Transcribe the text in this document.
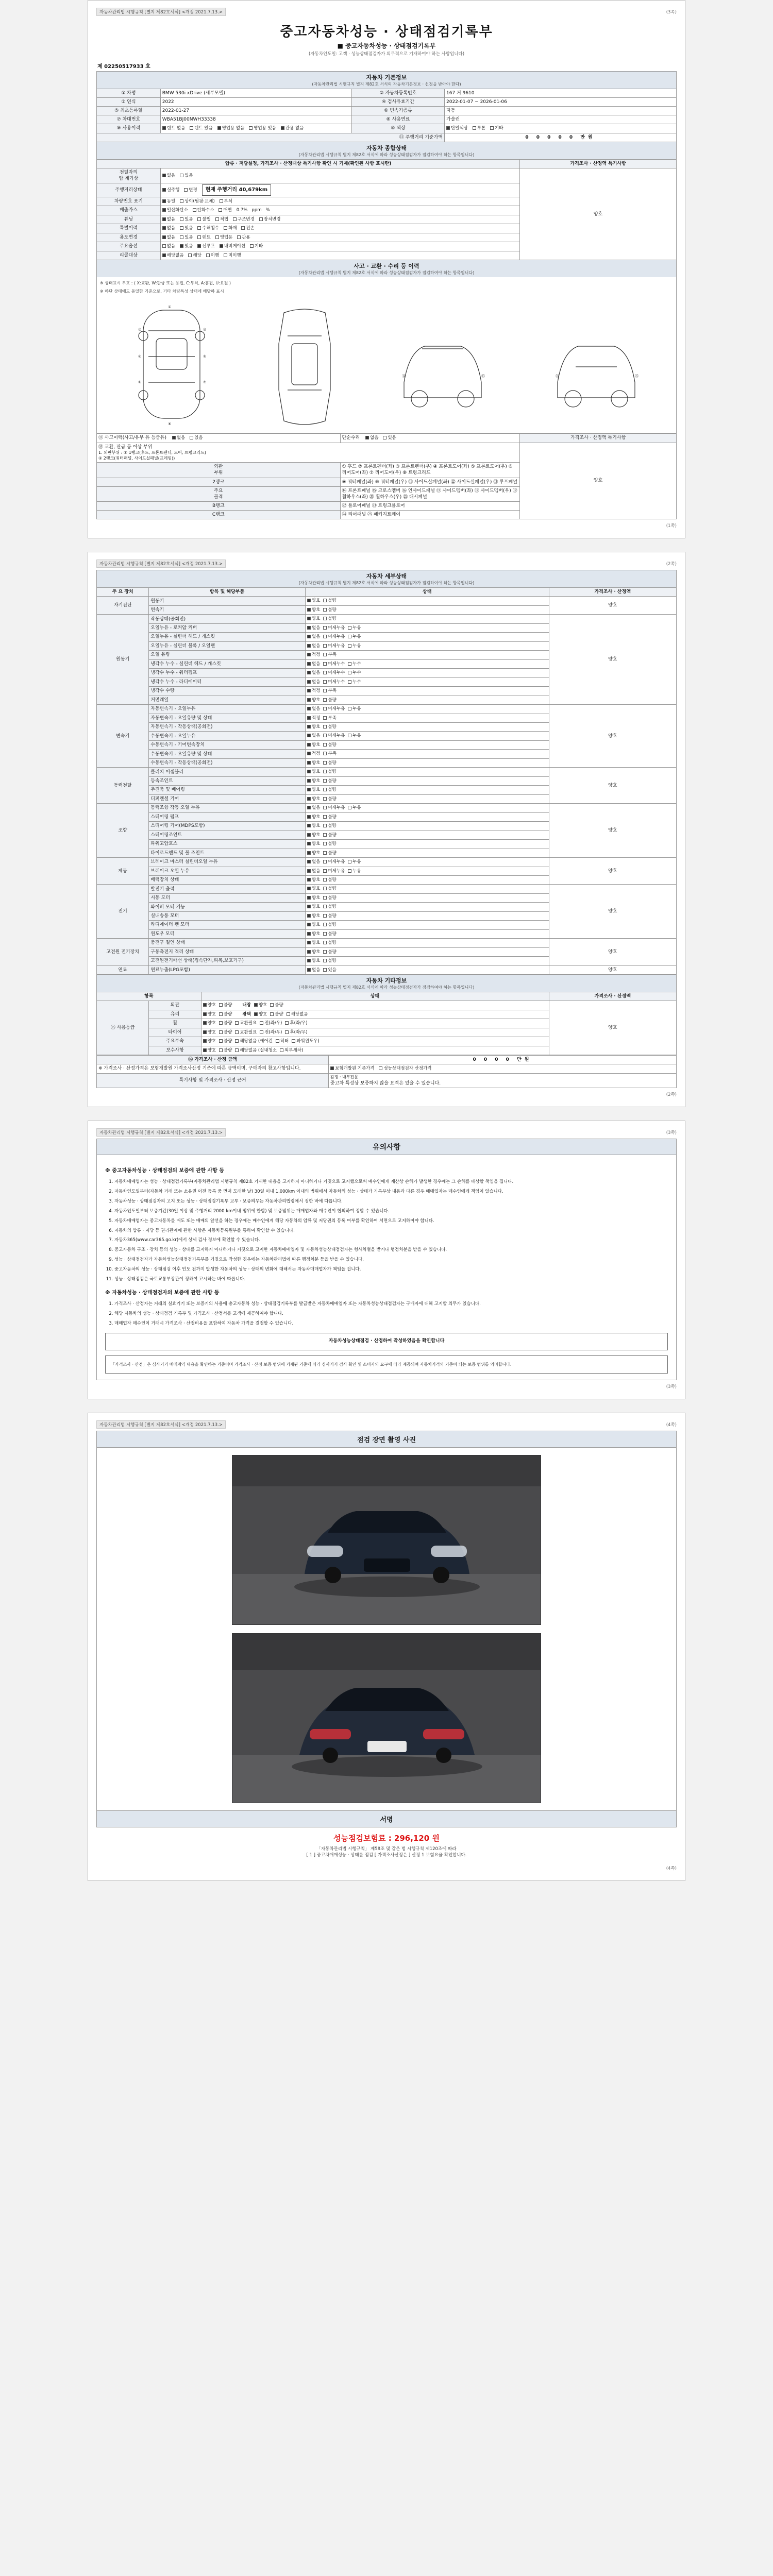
자동차관리법 시행규칙 [별지 제82호서식] <개정 2021.7.13.>	(3쪽)
중고자동차성능 · 상태점검기록부
■ 중고자동차성능 · 상태점검기록부
(자동차인도일: 고객 · 성능상태점검자가 의무적으로 기재하여야 하는 사항입니다)
제 02250517933 호
자동차 기본정보
(자동차관리법 시행규칙 별지 제82호 서식의 자동차기본정보 · 선정을 받아야 한다)
① 차명	BMW 530i xDrive (세부모델)	② 자동차등록번호	167 거 9610
③ 연식	2022	④ 검사유효기간	2022-01-07 ~ 2026-01-06
⑤ 최초등록일	2022-01-27	⑥ 변속기종류	자동
⑦ 차대번호	WBA51BJ00NWH33338	⑧ 사용연료	가솔린
⑨ 사용이력	렌트 없음 렌트 있음 영업용 없음 영업용 있음 관용 없음	⑩ 색상	단일색상 투톤 기타
⑪ 주행거리 기준가액			0 0 0 0 0 만원
자동차 종합상태
(자동차관리법 시행규칙 별지 제82호 서식에 따라 성능상태점검자가 점검하여야 하는 항목입니다)
압류 · 저당설정, 가격조사 · 산정대상 특기사항 확인 시 기재(확인된 사항 표시란)		가격조사 · 산정액 특기사항
전일자의
압 계기상	없음 있음	양호
주행거리상태	실주행 변경 현재 주행거리 40,679km	
차량번호 표기	동일 상이(범핑·교체) 부식	
배출가스	일산화탄소 탄화수소 매연 0.7%   ppm   %	
튜닝	없음 있음 불법 적법 구조변경 장치변경	
특별이력	없음 있음 수해침수 화재 전손	
용도변경	없음 있음 렌트 영업용 관용	
주요옵션	없음 있음 선루프 내비게이션 기타	
리콜대상	해당없음 해당 이행 미이행	
사고 · 교환 · 수리 등 이력
(자동차관리법 시행규칙 별지 제82호 서식에 따라 성능상태점검자가 점검하여야 하는 항목입니다)
※ 상태표시 부호 : ( X:교환, W:판금 또는 용접, C:부식, A:흠집, U:요철 )
※ 하단 상태에도 동일한 기준으로, 기타 차량특성 상태에 해당하 표시
①
②	③
④	⑤
⑥	⑦
⑧
⑭	⑮	㉔	㉕
⑬ 사고이력(사고/유무 유 등급유) 없음 있음	단순수리 없음 있음	가격조사 · 산정액 특기사항

⑭ 교환, 판금 등 이상 부위
1. 외판부위 : ① 1랭크(후드, 프론트펜더, 도어, 트렁크리드)
② 2랭크(쿼터패널, 사이드실패널(프레임))		양호
외판
부위	① 후드 ② 프론트펜더(좌) ③ 프론트펜더(우) ④ 프론트도어(좌) ⑤ 프론트도어(우) ⑥ 리어도어(좌) ⑦ 리어도어(우) ⑧ 트렁크리드	
2랭크	⑨ 쿼터패널(좌) ⑩ 쿼터패널(우) ⑪ 사이드실패널(좌) ⑫ 사이드실패널(우) ⑬ 루프패널	
주요
골격	⑭ 프론트패널 ⑮ 크로스멤버 ⑯ 인사이드패널 ⑰ 사이드멤버(좌) ⑱ 사이드멤버(우) ⑲ 휠하우스(좌) ⑳ 휠하우스(우) ㉑ 대시패널	
B랭크	㉒ 플로어패널 ㉓ 트렁크플로어	
C랭크	㉔ 리어패널 ㉕ 패키지트레이	
(1쪽)
자동차관리법 시행규칙 [별지 제82호서식] <개정 2021.7.13.>	(2쪽)
자동차 세부상태
(자동차관리법 시행규칙 별지 제82호 서식에 따라 성능상태점검자가 점검하여야 하는 항목입니다)
주 요 장치	항목 및 해당부품	상태	가격조사 · 산정액
자기진단	원동기	양호 불량	양호
	변속기	양호 불량	
원동기	작동상태(공회전)	양호 불량	양호
	오일누유 - 로커암 커버	없음 미세누유 누유	
	오일누유 - 실린더 헤드 / 개스킷	없음 미세누유 누유	
	오일누유 - 실린더 블록 / 오일팬	없음 미세누유 누유	
	오일 유량	적정 부족	
	냉각수 누수 - 실린더 헤드 / 개스킷	없음 미세누수 누수	
	냉각수 누수 - 워터펌프	없음 미세누수 누수	
	냉각수 누수 - 라디에이터	없음 미세누수 누수	
	냉각수 수량	적정 부족	
	커먼레일	양호 불량	
변속기	자동변속기 - 오일누유	없음 미세누유 누유	양호
	자동변속기 - 오일유량 및 상태	적정 부족	
	자동변속기 - 작동상태(공회전)	양호 불량	
	수동변속기 - 오일누유	없음 미세누유 누유	
	수동변속기 - 기어변속장치	양호 불량	
	수동변속기 - 오일유량 및 상태	적정 부족	
	수동변속기 - 작동상태(공회전)	양호 불량	
동력전달	클러치 어셈블리	양호 불량	양호
	등속조인트	양호 불량	
	추진축 및 베어링	양호 불량	
	디퍼렌셜 기어	양호 불량	
조향	동력조향 작동 오일 누유	없음 미세누유 누유	양호
	스티어링 펌프	양호 불량	
	스티어링 기어(MDPS포함)	양호 불량	
	스티어링조인트	양호 불량	
	파워고압호스	양호 불량	
	타이로드엔드 및 볼 조인트	양호 불량	
제동	브레이크 마스터 실린더오일 누유	없음 미세누유 누유	양호
	브레이크 오일 누유	없음 미세누유 누유	
	배력장치 상태	양호 불량	
전기	발전기 출력	양호 불량	양호
	시동 모터	양호 불량	
	와이퍼 모터 기능	양호 불량	
	실내송풍 모터	양호 불량	
	라디에이터 팬 모터	양호 불량	
	윈도우 모터	양호 불량	
고전원 전기장치	충전구 절연 상태	양호 불량	양호
	구동축전지 격리 상태	양호 불량	
	고전원전기배선 상태(접속단자,피복,보호기구)	양호 불량	
연료	연료누출(LPG포함)	없음 있음	양호
자동차 기타정보
(자동차관리법 시행규칙 별지 제82호 서식에 따라 성능상태점검자가 점검하여야 하는 항목입니다)
항목		상태	가격조사 · 산정액
⑮ 사용등급	외관	양호 불량 내장 양호 불량	양호
	유리	양호 불량 광택 양호 불량 해당없음	
	휠	양호 불량 교환필요 전(좌/우) 후(좌/우)	
	타이어	양호 불량 교환필요 전(좌/우) 후(좌/우)	
	주요부속	양호 불량 해당없음 (에어컨 히터 파워윈도우)	
	보수사항	양호 불량 해당없음 (실내청소 외부세차)	
⑯ 가격조사 · 산정 금액	0 0 0 0 만원
※ 가격조사 · 산정가격은 보험개발원 가격조사산정 기준에 따른 금액이며, 구매자의 참고사항입니다.	보험개발원 기준가격 성능상태점검자 산정가격
특기사항 및 가격조사 · 산정 근거	감정 · 내부전문
중고차 특성상 보증하지 않을 요격은 있을 수 있습니다.
(2쪽)
자동차관리법 시행규칙 [별지 제82호서식] <개정 2021.7.13.>	(3쪽)
유의사항
※ 중고자동차성능 · 상태점검의 보증에 관한 사항 등
1. 자동차매매업자는 성능 · 상태점검기록부(자동차관리법 시행규칙 제82호 기재한 내용을 고지하지 아니하거나 거짓으로 고지했으로써 매수인에게 재산상 손해가 발생한 경우에는 그 손해를 배상할 책임을 집니다.
2. 자동차인도일부터(자동차 거래 또는 소유권 이전 등록 중 먼저 도래한 날) 30일 이내 1,000km 이내의 범위에서 자동차의 성능 · 상태가 기록부상 내용과 다른 경우 매매업자는 매수인에게 책임이 있습니다.
3. 자동차성능 · 상태점검자의 고지 또는 성능 · 상태점검기록부 교부 · 보증의무는 자동차관리법령에서 정한 바에 따릅니다.
4. 자동차인도일부터 보증기간(30일 이상 및 주행거리 2000 km이내 범위에 한함) 및 보증범위는 매매업자와 매수인이 협의하여 정할 수 있습니다.
5. 자동차매매업자는 중고자동차를 매도 또는 매매의 알선을 하는 경우에는 매수인에게 해당 자동차의 압류 및 저당권의 등록 여부를 확인하여 서면으로 고지하여야 합니다.
6. 자동차의 압류 · 저당 등 권리관계에 관한 사항은 자동차등록원부를 통하여 확인할 수 있습니다.
7. 자동차365(www.car365.go.kr)에서 상세 검사 정보에 확인할 수 있습니다.
8. 중고자동차 구조 · 장치 등의 성능 · 상태를 고지하지 아니하거나 거짓으로 고지한 자동차매매업자 및 자동차성능상태점검자는 형사처벌을 받거나 행정처분을 받을 수 있습니다.
9. 성능 · 상태점검자가 자동차성능상태점검기록부를 거짓으로 작성한 경우에는 자동차관리법에 따른 행정처분 등을 받을 수 있습니다.
10. 중고자동차의 성능 · 상태점검 이후 인도 전까지 발생한 자동차의 성능 · 상태의 변화에 대해서는 자동차매매업자가 책임을 집니다.
11. 성능 · 상태점검은 국토교통부장관이 정하여 고시하는 바에 따릅니다.
※ 자동차성능 · 상태점검자의 보증에 관한 사항 등
1. 가격조사 · 산정자는 거래의 실효기기 또는 보증기의 사용에 충고자동차 성능 · 상태점검기록부를 발급받은 자동차매매업자 또는 자동차성능상태점검자는 구매자에 대해 고지할 의무가 있습니다.
2. 해당 자동차의 성능 · 상태점검 기록부 및 가격조사 · 산정서를 고객에 제공하여야 합니다.
3. 매매업자 매수인이 거래시 가격조사 · 산정비용을 포함하여 자동차 가격을 결정할 수 있습니다.
자동차성능상태점검 · 산정하여 작성하였음을 확인합니다
「가격조사 · 산정」은 심사기기 매매계약 내용을 확인하는 기준이며 가격조사 · 산정 보증 범위에 기재된 기준에 따라 심사기기 검사 확인 및 소비자의 요구에 따라 제공되며 자동차가격의 기준이 되는 보증 범위를 의미합니다.
(3쪽)
자동차관리법 시행규칙 [별지 제82호서식] <개정 2021.7.13.>	(4쪽)
점검 장면 촬영 사진
서명
성능점검보험료 : 296,120 원
「자동차관리법 시행규칙」 제58조 및 같은 법 시행규칙 제120조에 따라
[ 1 ] 중고차매매성능 · 상태를 점검 [ 가격조사산정은 ] 산정 1 보험요율 확인합니다.
(4쪽)
